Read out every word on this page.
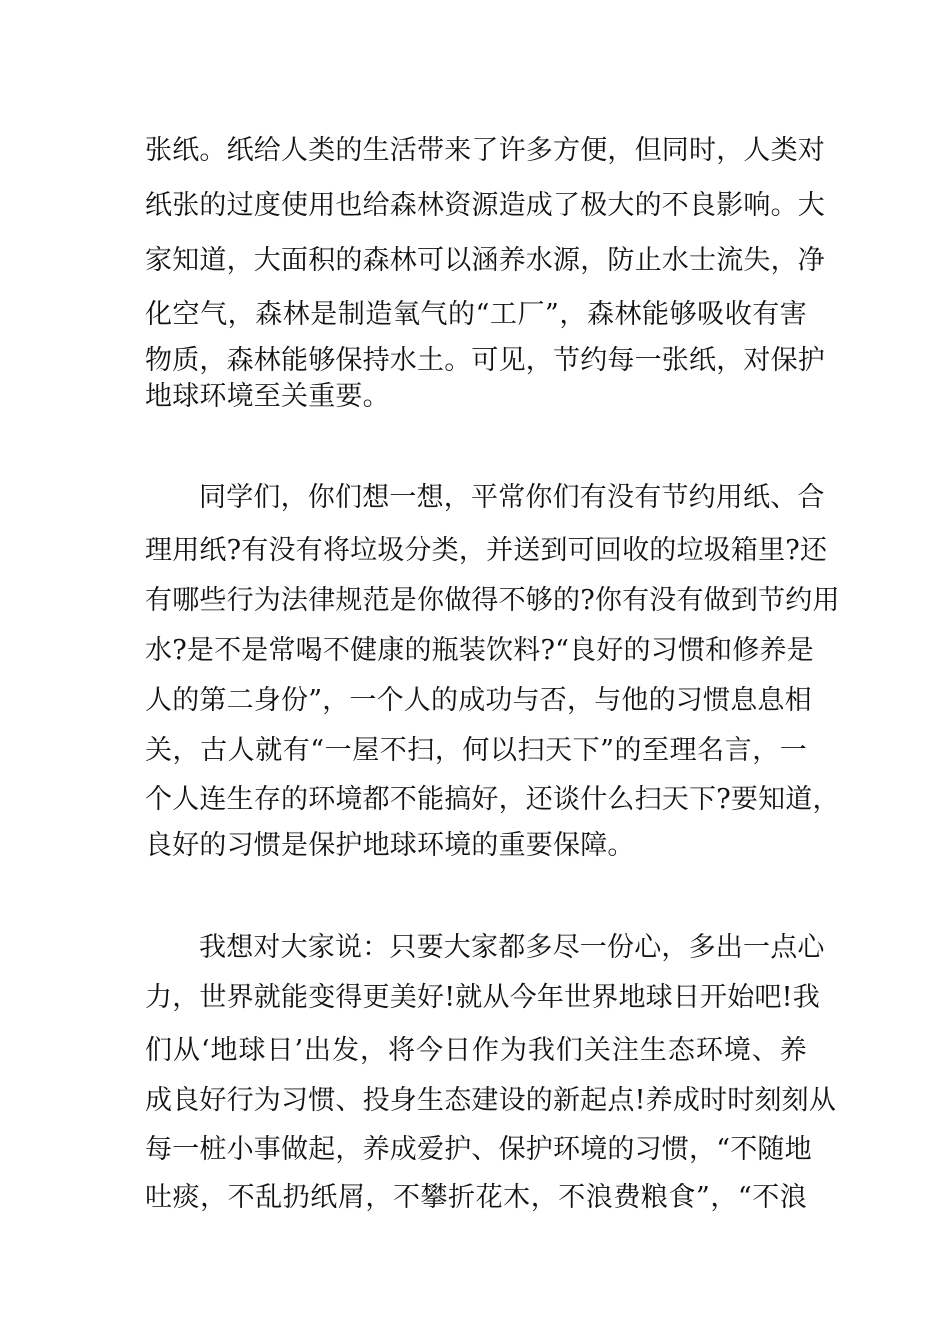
张纸。纸给人类的生活带来了许多方便，但同时，人类对
纸张的过度使用也给森林资源造成了极大的不良影响。大
家知道，大面积的森林可以涵养水源，防止水士流失，净
化空气，森林是制造氧气的“工厂”，森林能够吸收有害
物质，森林能够保持水土。可见，节约每一张纸，对保护
地球环境至关重要。
同学们，你们想一想，平常你们有没有节约用纸、合
理用纸?有没有将垃圾分类，并送到可回收的垃圾箱里?还
有哪些行为法律规范是你做得不够的?你有没有做到节约用
水?是不是常喝不健康的瓶装饮料?“良好的习惯和修养是
人的第二身份”，一个人的成功与否，与他的习惯息息相
关，古人就有“一屋不扫，何以扫天下”的至理名言，一
个人连生存的环境都不能搞好，还谈什么扫天下?要知道，
良好的习惯是保护地球环境的重要保障。
我想对大家说：只要大家都多尽一份心，多出一点心
力，世界就能变得更美好!就从今年世界地球日开始吧!我
们从‘地球日’出发，将今日作为我们关注生态环境、养
成良好行为习惯、投身生态建设的新起点!养成时时刻刻从
每一桩小事做起，养成爱护、保护环境的习惯，“不随地
吐痰，不乱扔纸屑，不攀折花木，不浪费粮食”，“不浪
